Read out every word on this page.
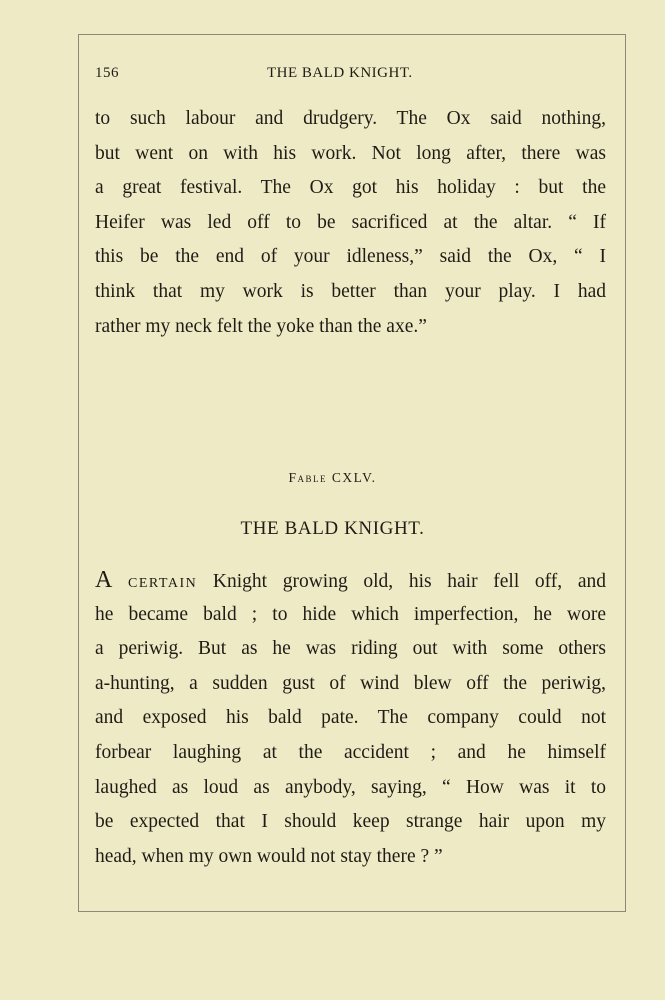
156	THE BALD KNIGHT.
to such labour and drudgery. The Ox said nothing,
but went on with his work. Not long after, there was
a great festival. The Ox got his holiday : but the
Heifer was led off to be sacrificed at the altar. “ If
this be the end of your idleness,” said the Ox, “ I
think that my work is better than your play. I had
rather my neck felt the yoke than the axe.”
Fable CXLV.
THE BALD KNIGHT.
A certain Knight growing old, his hair fell off, and
he became bald ; to hide which imperfection, he wore
a periwig. But as he was riding out with some others
a-hunting, a sudden gust of wind blew off the periwig,
and exposed his bald pate. The company could not
forbear laughing at the accident ; and he himself
laughed as loud as anybody, saying, “ How was it to
be expected that I should keep strange hair upon my
head, when my own would not stay there ? ”
